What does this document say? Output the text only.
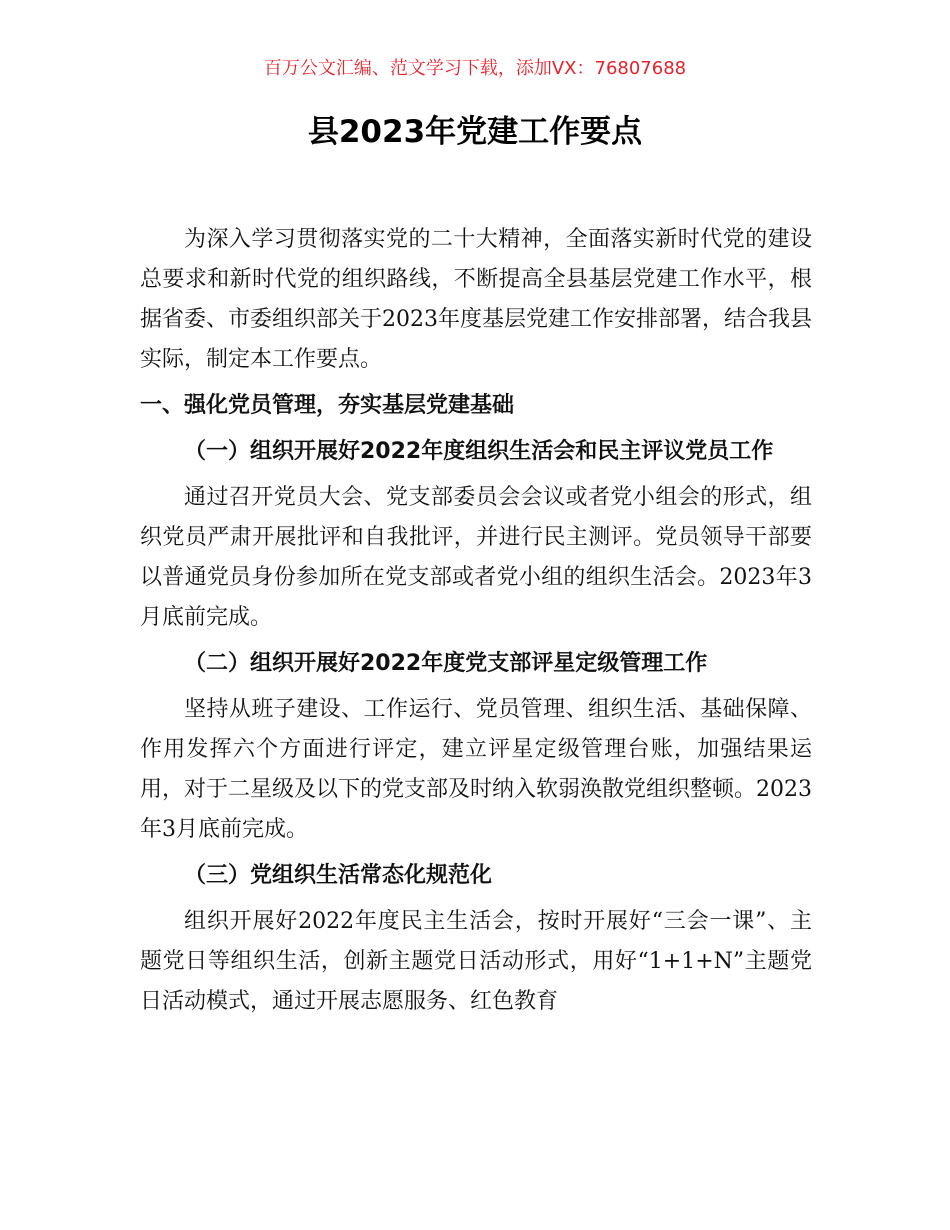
百万公文汇编、范文学习下载，添加VX：76807688
县2023年党建工作要点

为深入学习贯彻落实党的二十大精神，全面落实新时代党的建设总要求和新时代党的组织路线，不断提高全县基层党建工作水平，根据省委、市委组织部关于2023年度基层党建工作安排部署，结合我县实际，制定本工作要点。

一、强化党员管理，夯实基层党建基础

（一）组织开展好2022年度组织生活会和民主评议党员工作

通过召开党员大会、党支部委员会会议或者党小组会的形式，组织党员严肃开展批评和自我批评，并进行民主测评。党员领导干部要以普通党员身份参加所在党支部或者党小组的组织生活会。2023年3月底前完成。

（二）组织开展好2022年度党支部评星定级管理工作

坚持从班子建设、工作运行、党员管理、组织生活、基础保障、作用发挥六个方面进行评定，建立评星定级管理台账，加强结果运用，对于二星级及以下的党支部及时纳入软弱涣散党组织整顿。2023年3月底前完成。

（三）党组织生活常态化规范化

组织开展好2022年度民主生活会，按时开展好“三会一课”、主题党日等组织生活，创新主题党日活动形式，用好“1+1+N”主题党日活动模式，通过开展志愿服务、红色教育
